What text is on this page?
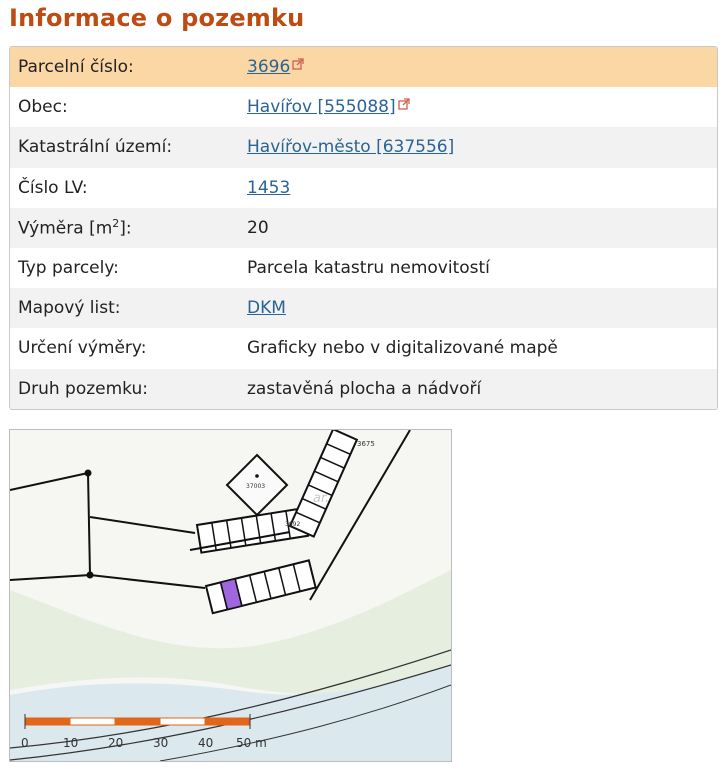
Informace o pozemku
Parcelní číslo:	3696
Obec:	Havířov [555088]
Katastrální území:	Havířov-město [637556]
Číslo LV:	1453
Výměra $[m^2]$:	20
Typ parcely:	Parcela katastru nemovitostí
Mapový list:	DKM
Určení výměry:	Graficky nebo v digitalizované mapě
Druh pozemku:	zastavěná plocha a nádvoří
37003
3675
3692
ar.
0	10 20 30 40 50 m
